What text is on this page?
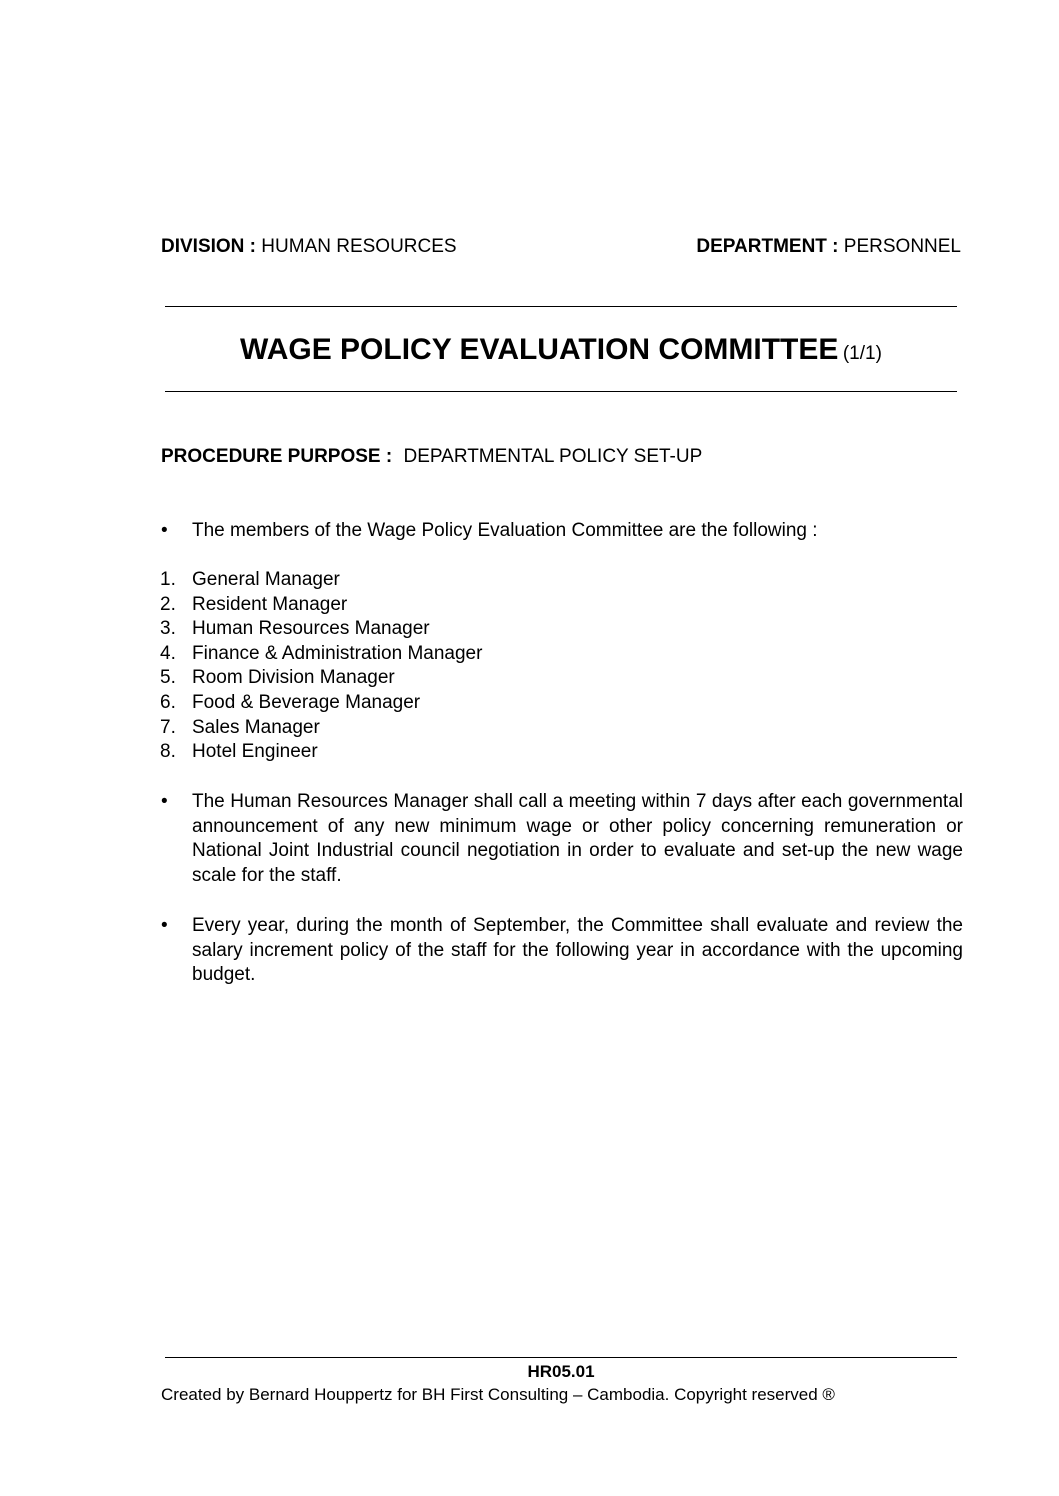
DIVISION : HUMAN RESOURCES	DEPARTMENT : PERSONNEL
WAGE POLICY EVALUATION COMMITTEE (1/1)
PROCEDURE PURPOSE : DEPARTMENTAL POLICY SET-UP
•	The members of the Wage Policy Evaluation Committee are the following :
1. General Manager
2. Resident Manager
3. Human Resources Manager
4. Finance & Administration Manager
5. Room Division Manager
6. Food & Beverage Manager
7. Sales Manager
8. Hotel Engineer
•	The Human Resources Manager shall call a meeting within 7 days after each governmental announcement of any new minimum wage or other policy concerning remuneration or National Joint Industrial council negotiation in order to evaluate and set-up the new wage scale for the staff.
•	Every year, during the month of September, the Committee shall evaluate and review the salary increment policy of the staff for the following year in accordance with the upcoming budget.
HR05.01
Created by Bernard Houppertz for BH First Consulting – Cambodia. Copyright reserved ®
